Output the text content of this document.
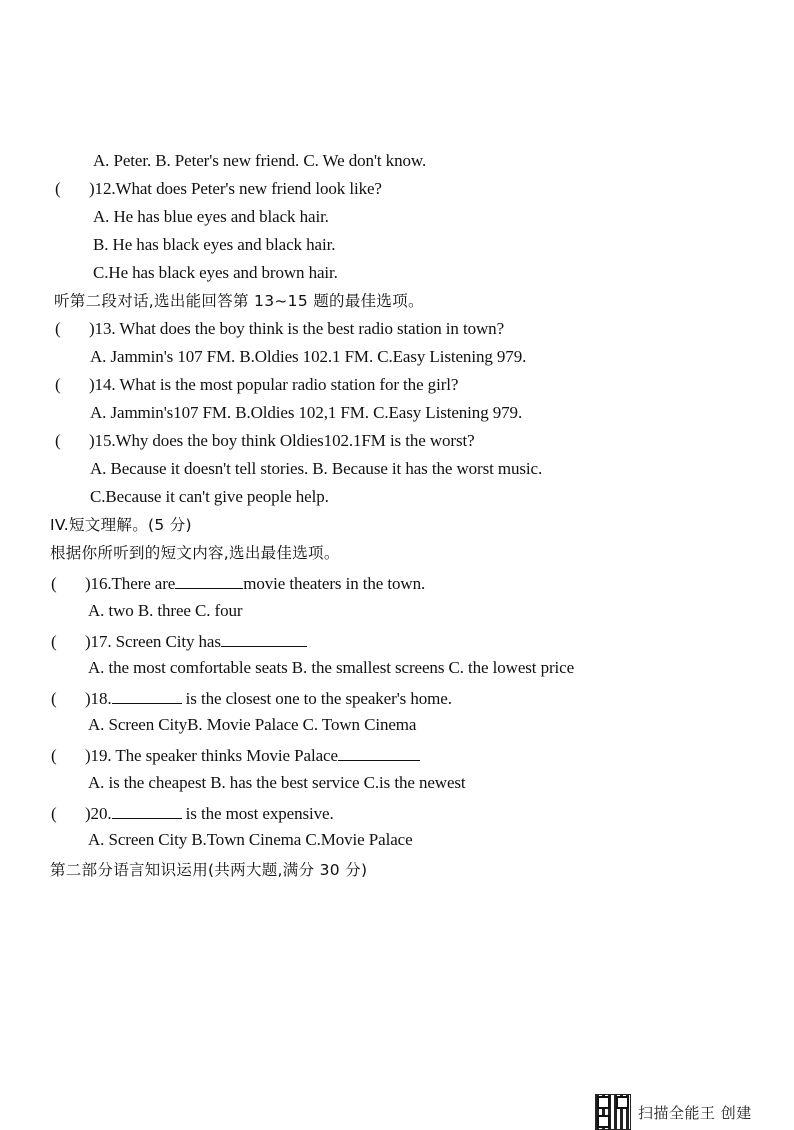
A. Peter. B. Peter's new friend. C. We don't know.
( )12.What does Peter's new friend look like?
A. He has blue eyes and black hair.
B. He has black eyes and black hair.
C.He has black eyes and brown hair.
听第二段对话,选出能回答第 13~15 题的最佳选项。
( )13. What does the boy think is the best radio station in town?
A. Jammin's 107 FM. B.Oldies 102.1 FM. C.Easy Listening 979.
( )14. What is the most popular radio station for the girl?
A. Jammin's107 FM. B.Oldies 102,1 FM. C.Easy Listening 979.
( )15.Why does the boy think Oldies102.1FM is the worst?
A. Because it doesn't tell stories. B. Because it has the worst music.
C.Because it can't give people help.
IV.短文理解。(5 分)
根据你所听到的短文内容,选出最佳选项。
( )16.There are	movie theaters in the town.
A. two B. three C. four
( )17. Screen City has
A. the most comfortable seats B. the smallest screens C. the lowest price
( )18.	is the closest one to the speaker's home.
A. Screen CityB. Movie Palace C. Town Cinema
( )19. The speaker thinks Movie Palace
A. is the cheapest B. has the best service C.is the newest
( )20.	is the most expensive.
A. Screen City B.Town Cinema C.Movie Palace
第二部分语言知识运用(共两大题,满分 30 分)
扫描全能王 创建
